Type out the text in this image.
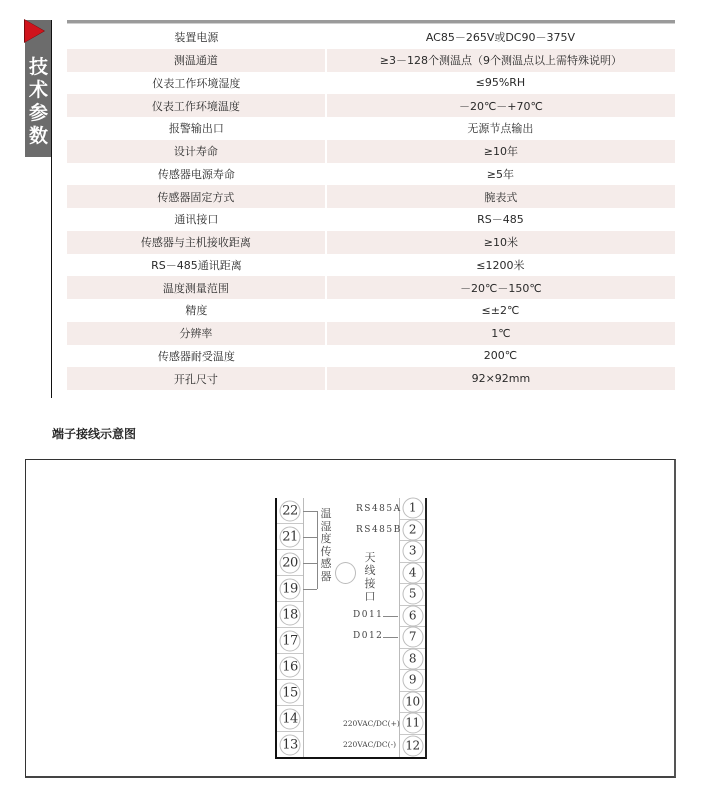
技
术
参
数
装置电源	AC85－265V或DC90－375V
测温通道	≥3－128个测温点（9个测温点以上需特殊说明）
仪表工作环境湿度	≤95%RH
仪表工作环境温度	－20℃－+70℃
报警输出口	无源节点输出
设计寿命	≥10年
传感器电源寿命	≥5年
传感器固定方式	腕表式
通讯接口	RS－485
传感器与主机接收距离	≥10米
RS－485通讯距离	≤1200米
温度测量范围	－20℃－150℃
精度	≤±2℃
分辨率	1℃
传感器耐受温度	200℃
开孔尺寸	92×92mm
端子接线示意图
22
21
20
19
18
17
16
15
14
13
1
2
3
4
5
6
7
8
9
10
11
12
温
湿
度
传
感
器
天
线
接
口
RS485A
RS485B
D011
D012
220VAC/DC(+)
220VAC/DC(-)
